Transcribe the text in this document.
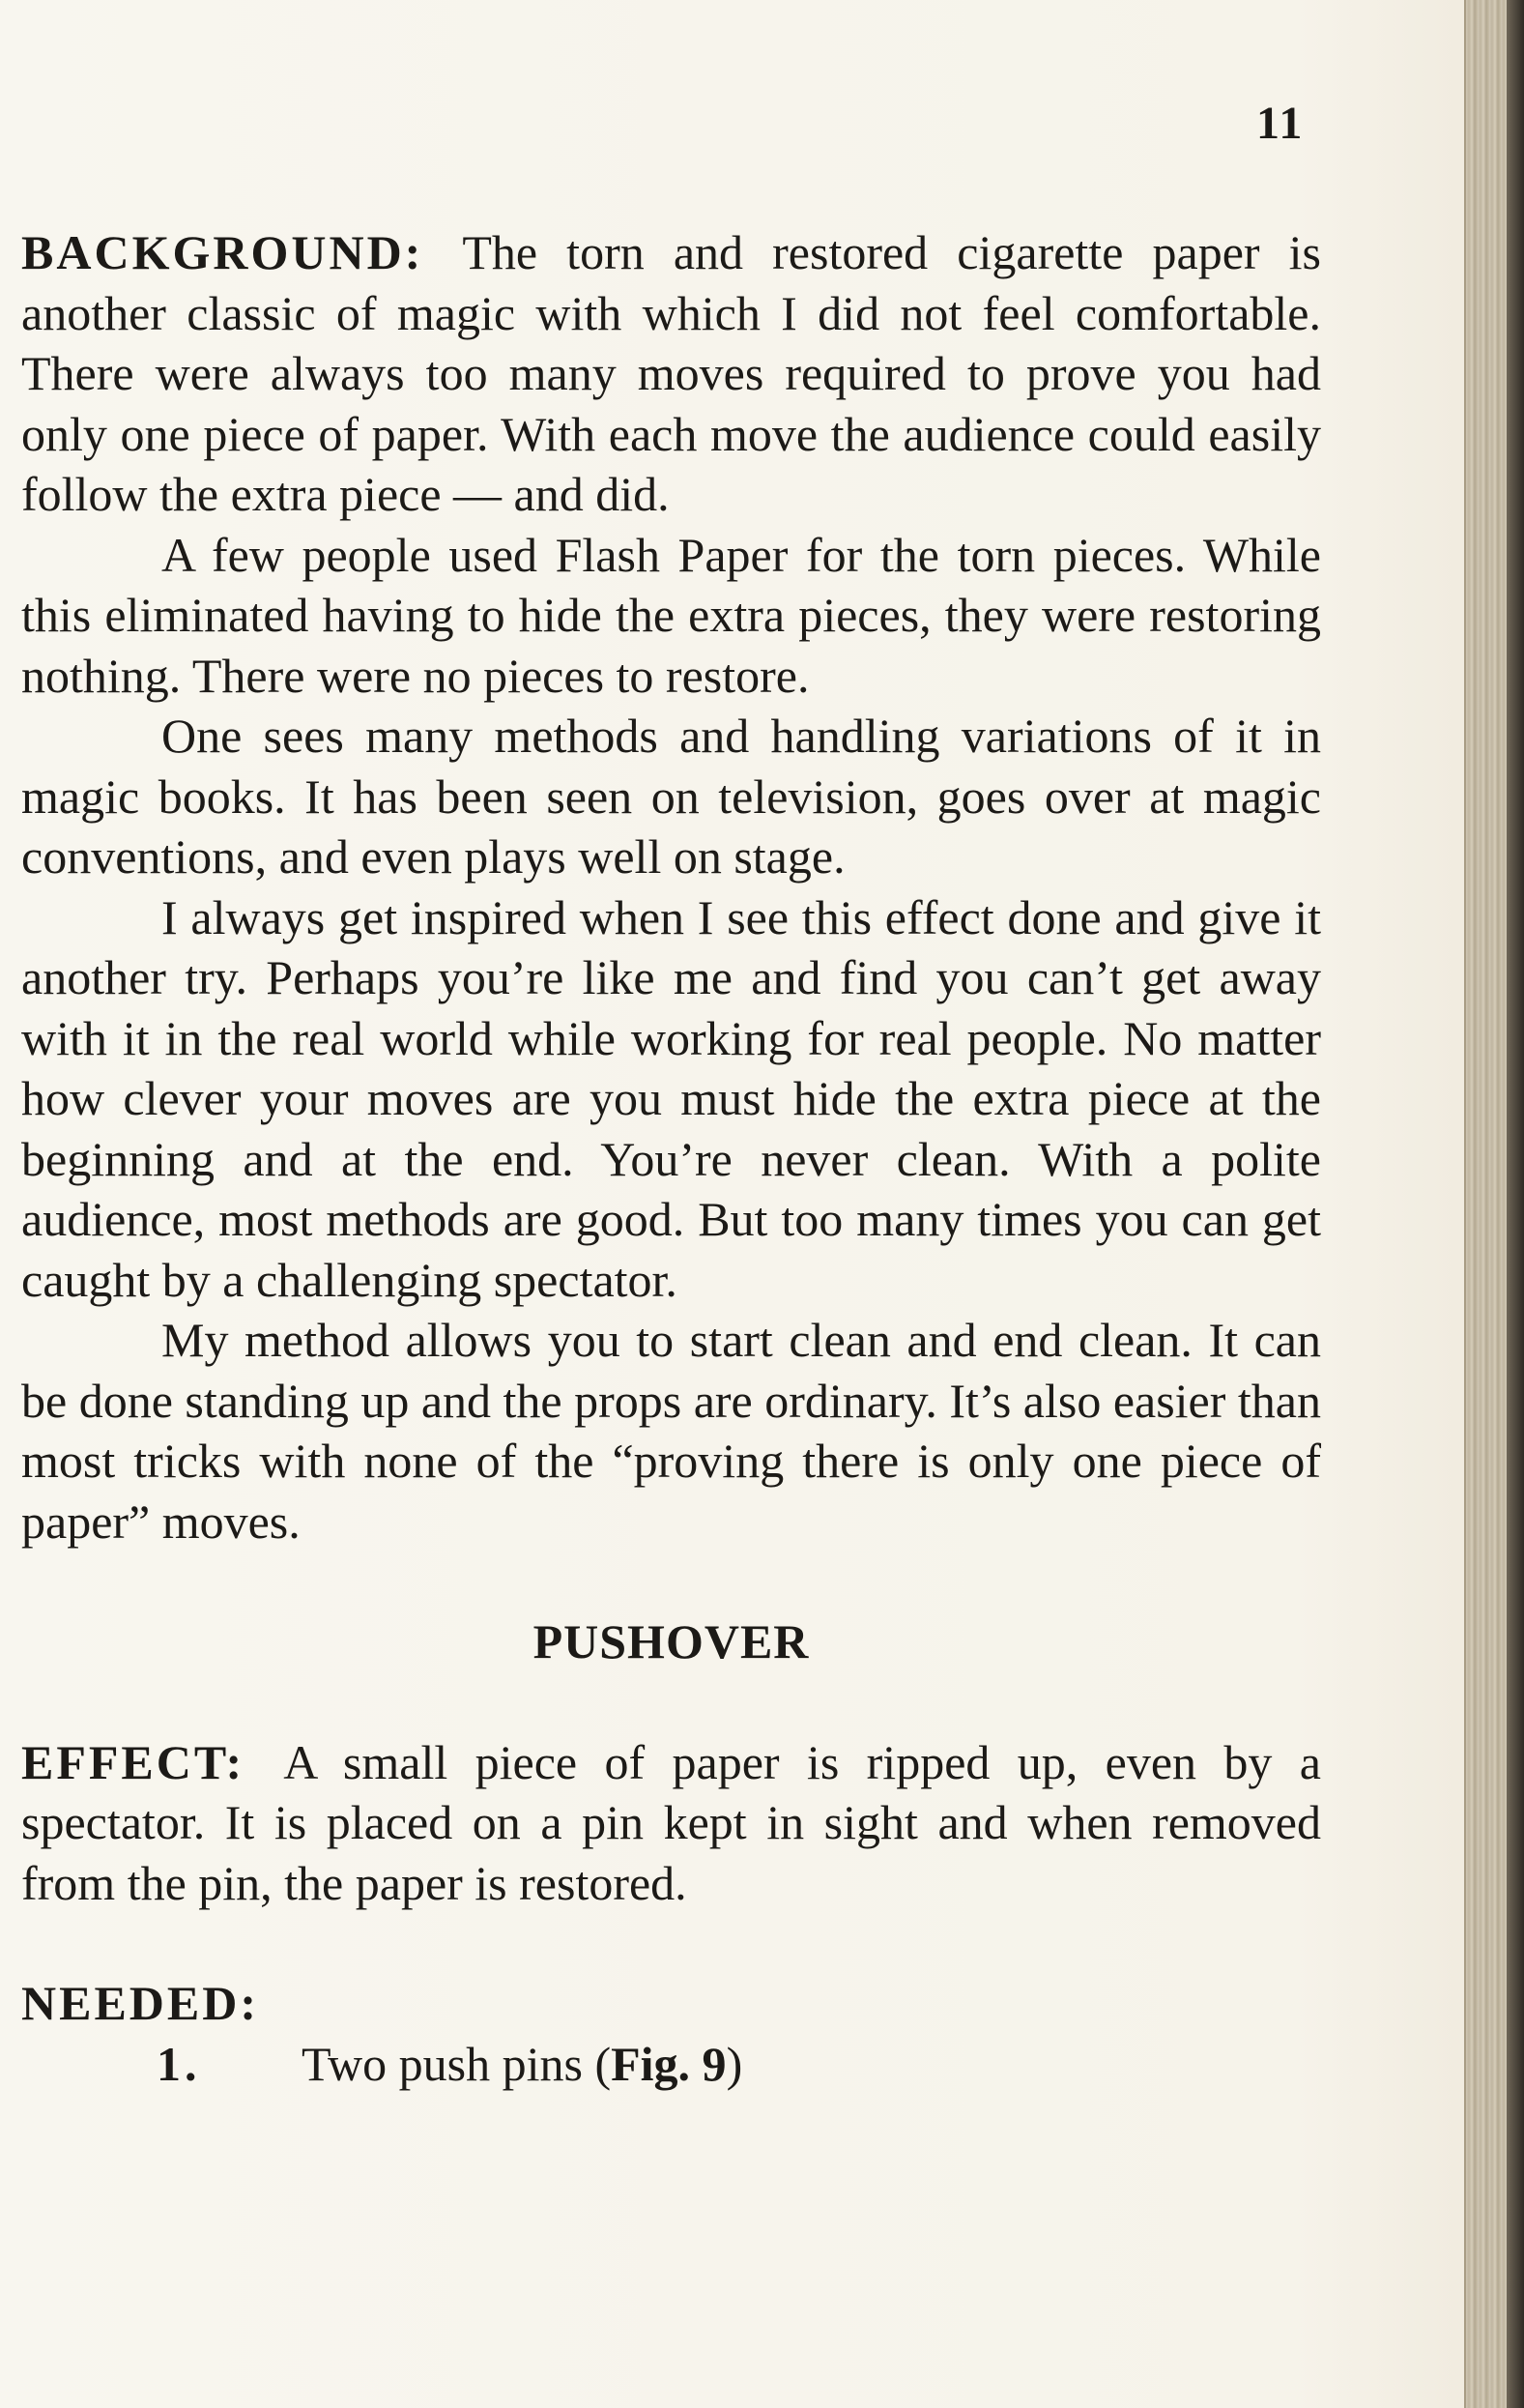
11

BACKGROUND: The torn and restored cigarette paper is another classic of magic with which I did not feel comfortable. There were always too many moves required to prove you had only one piece of paper. With each move the audience could easily follow the extra piece — and did.

A few people used Flash Paper for the torn pieces. While this eliminated having to hide the extra pieces, they were restoring nothing. There were no pieces to restore.

One sees many methods and handling variations of it in magic books. It has been seen on television, goes over at magic conventions, and even plays well on stage.

I always get inspired when I see this effect done and give it another try. Perhaps you’re like me and find you can’t get away with it in the real world while working for real people. No matter how clever your moves are you must hide the extra piece at the beginning and at the end. You’re never clean. With a polite audience, most methods are good. But too many times you can get caught by a challenging spectator.

My method allows you to start clean and end clean. It can be done standing up and the props are ordinary. It’s also easier than most tricks with none of the “proving there is only one piece of paper” moves.

PUSHOVER

EFFECT: A small piece of paper is ripped up, even by a spectator. It is placed on a pin kept in sight and when removed from the pin, the paper is restored.

NEEDED:

1. Two push pins (Fig. 9)
